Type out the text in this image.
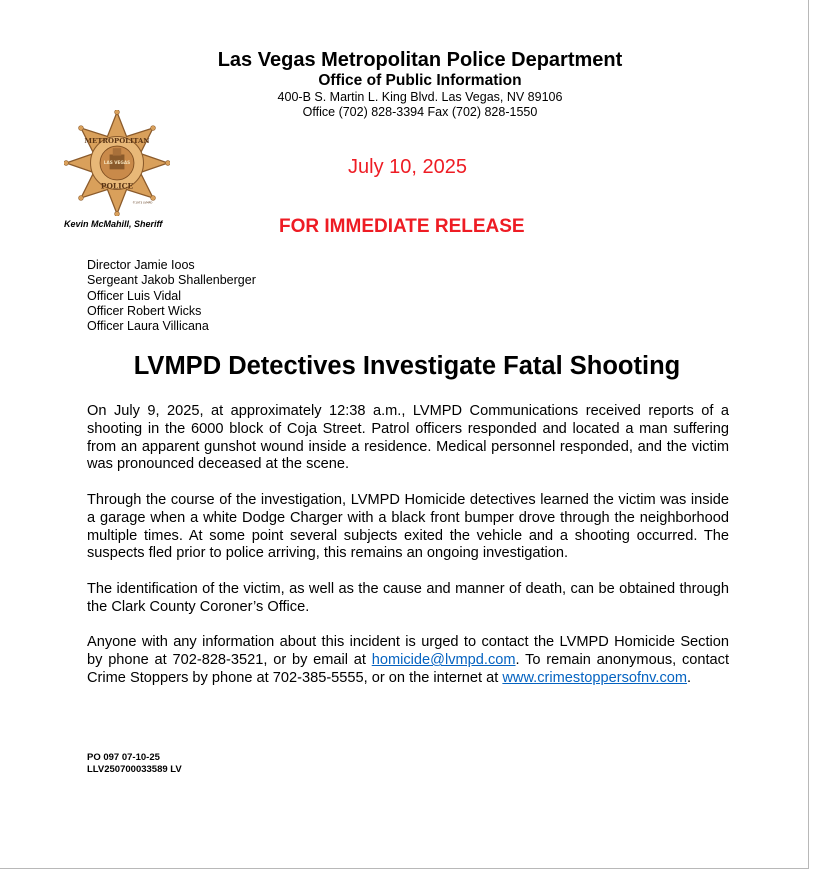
Las Vegas Metropolitan Police Department
Office of Public Information
400-B S. Martin L. King Blvd. Las Vegas, NV 89106
Office (702) 828-3394 Fax (702) 828-1550
METROPOLITAN
LAS VEGAS
POLICE
©1973 LVMPD
Kevin McMahill, Sheriff
July 10, 2025
FOR IMMEDIATE RELEASE
Director Jamie Ioos
Sergeant Jakob Shallenberger
Officer Luis Vidal
Officer Robert Wicks
Officer Laura Villicana
LVMPD Detectives Investigate Fatal Shooting

On July 9, 2025, at approximately 12:38 a.m., LVMPD Communications received reports of a shooting in the 6000 block of Coja Street. Patrol officers responded and located a man suffering from an apparent gunshot wound inside a residence. Medical personnel responded, and the victim was pronounced deceased at the scene.

Through the course of the investigation, LVMPD Homicide detectives learned the victim was inside a garage when a white Dodge Charger with a black front bumper drove through the neighborhood multiple times. At some point several subjects exited the vehicle and a shooting occurred. The suspects fled prior to police arriving, this remains an ongoing investigation.

The identification of the victim, as well as the cause and manner of death, can be obtained through the Clark County Coroner’s Office.

Anyone with any information about this incident is urged to contact the LVMPD Homicide Section by phone at 702-828-3521, or by email at homicide@lvmpd.com. To remain anonymous, contact Crime Stoppers by phone at 702-385-5555, or on the internet at www.crimestoppersofnv.com.

PO 097 07-10-25
LLV250700033589 LV
